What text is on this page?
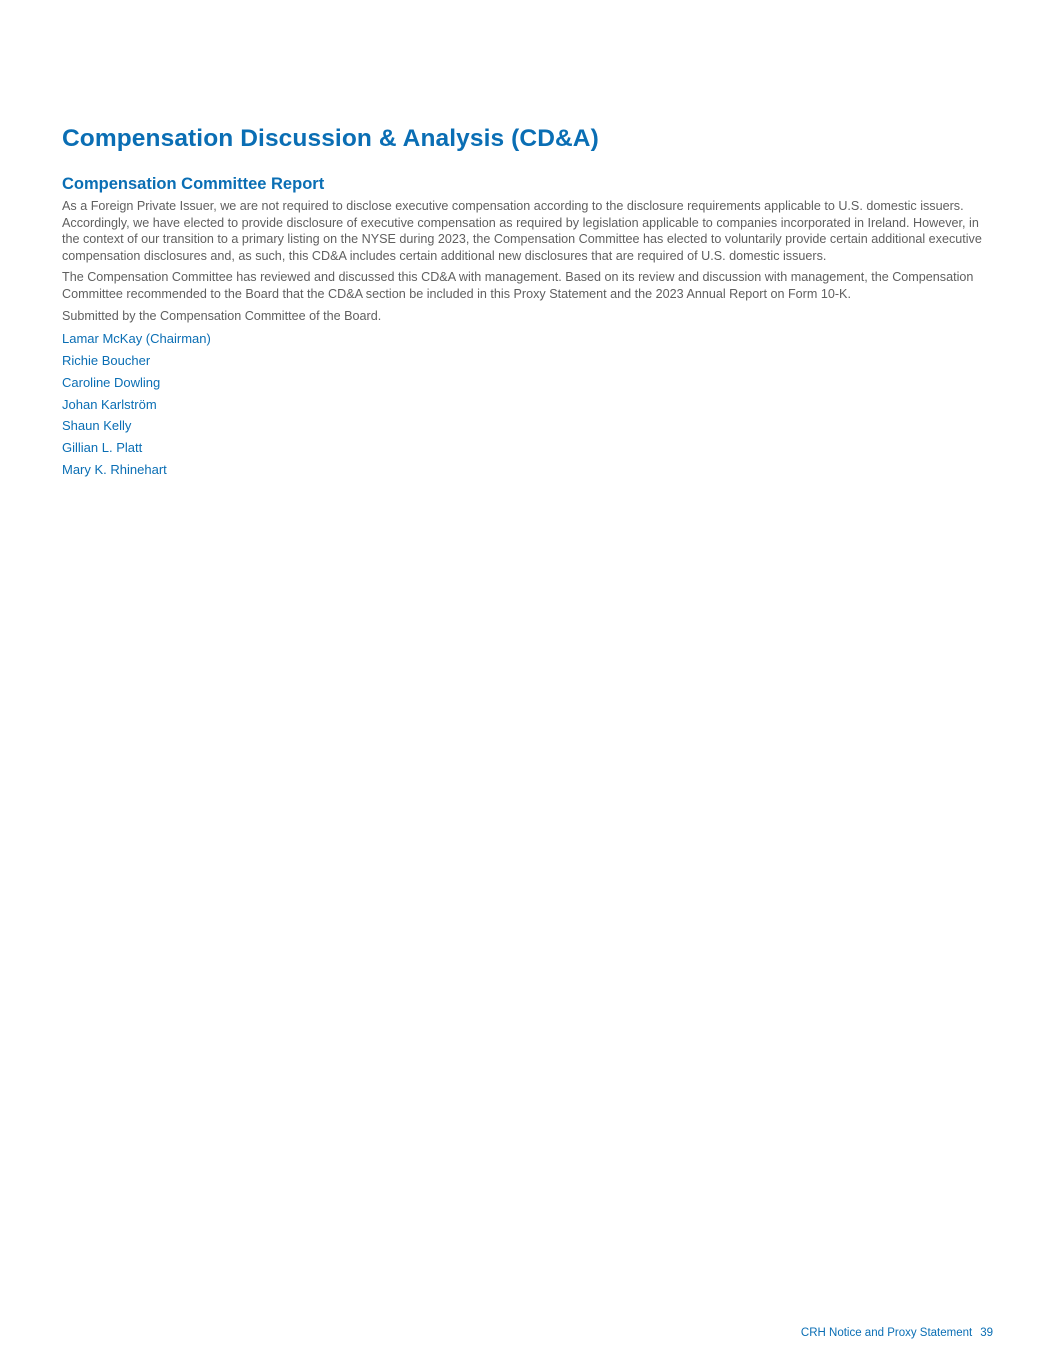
Compensation Discussion & Analysis (CD&A)
Compensation Committee Report

As a Foreign Private Issuer, we are not required to disclose executive compensation according to the disclosure requirements applicable to U.S. domestic issuers. Accordingly, we have elected to provide disclosure of executive compensation as required by legislation applicable to companies incorporated in Ireland. However, in the context of our transition to a primary listing on the NYSE during 2023, the Compensation Committee has elected to voluntarily provide certain additional executive compensation disclosures and, as such, this CD&A includes certain additional new disclosures that are required of U.S. domestic issuers.

The Compensation Committee has reviewed and discussed this CD&A with management. Based on its review and discussion with management, the Compensation Committee recommended to the Board that the CD&A section be included in this Proxy Statement and the 2023 Annual Report on Form 10-K.

Submitted by the Compensation Committee of the Board.

Lamar McKay (Chairman)
Richie Boucher
Caroline Dowling
Johan Karlström
Shaun Kelly
Gillian L. Platt
Mary K. Rhinehart
CRH Notice and Proxy Statement 39
